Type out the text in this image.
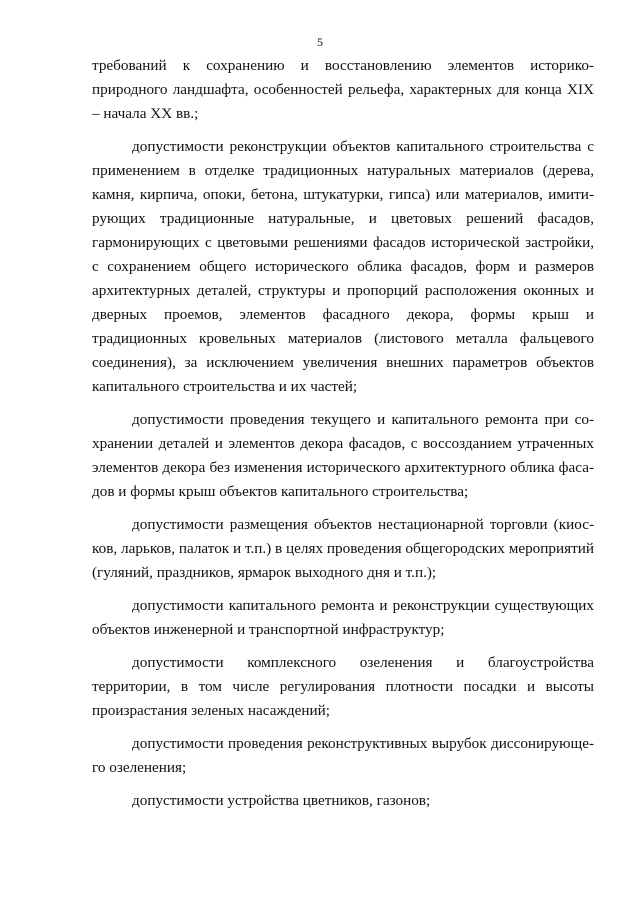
5

требований к сохранению и восстановлению элементов историко-природного ландшафта, особенностей рельефа, характерных для конца XIX – начала XX вв.;

допустимости реконструкции объектов капитального строительства с применением в отделке традиционных натуральных материалов (дерева, камня, кирпича, опоки, бетона, штукатурки, гипса) или материалов, имитирующих традиционные натуральные, и цветовых решений фасадов, гармонирующих с цветовыми решениями фасадов исторической застройки, с сохранением общего исторического облика фасадов, форм и размеров архитектурных деталей, структуры и пропорций расположения оконных и дверных проемов, элементов фасадного декора, формы крыш и традиционных кровельных материалов (листового металла фальцевого соединения), за исключением увеличения внешних параметров объектов капитального строительства и их частей;

допустимости проведения текущего и капитального ремонта при сохранении деталей и элементов декора фасадов, с воссозданием утраченных элементов декора без изменения исторического архитектурного облика фасадов и формы крыш объектов капитального строительства;

допустимости размещения объектов нестационарной торговли (киосков, ларьков, палаток и т.п.) в целях проведения общегородских мероприятий (гуляний, праздников, ярмарок выходного дня и т.п.);

допустимости капитального ремонта и реконструкции существующих объектов инженерной и транспортной инфраструктур;

допустимости комплексного озеленения и благоустройства территории, в том числе регулирования плотности посадки и высоты произрастания зеленых насаждений;

допустимости проведения реконструктивных вырубок диссонирующего озеленения;

допустимости устройства цветников, газонов;
